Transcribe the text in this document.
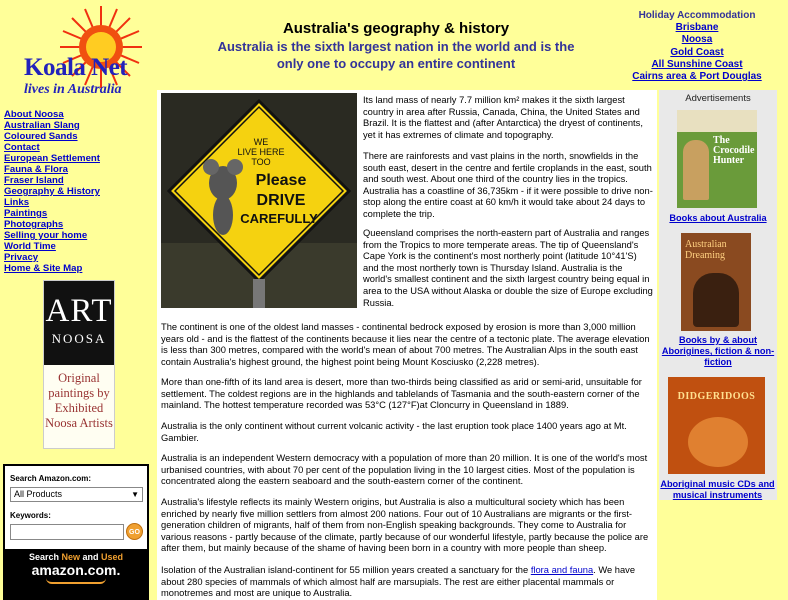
Koala Net
lives in Australia
Australia's geography & history
Australia is the sixth largest nation in the world and is the only one to occupy an entire continent
Holiday Accommodation
Brisbane
Noosa
Gold Coast
All Sunshine Coast
Cairns area & Port Douglas
About Noosa
Australian Slang
Coloured Sands
Contact
European Settlement
Fauna & Flora
Fraser Island
Geography & History
Links
Paintings
Photographs
Selling your home
World Time
Privacy
Home & Site Map
ART
NOOSA
Original paintings by Exhibited Noosa Artists
Search Amazon.com:
All Products	▼
Keywords:
GO
Search New and Used
amazon.com.
WE
LIVE HERE
TOO
Please
DRIVE
CAREFULLY

Its land mass of nearly 7.7 million km² makes it the sixth largest country in area after Russia, Canada, China, the United States and Brazil. It is the flattest and (after Antarctica) the dryest of continents, yet it has extremes of climate and topography.

There are rainforests and vast plains in the north, snowfields in the south east, desert in the centre and fertile croplands in the east, south and south west. About one third of the country lies in the tropics. Australia has a coastline of 36,735km - if it were possible to drive non-stop along the entire coast at 60 km/h it would take about 24 days to complete the trip.

Queensland comprises the north-eastern part of Australia and ranges from the Tropics to more temperate areas. The tip of Queensland's Cape York is the continent's most northerly point (latitude 10°41'S) and the most northerly town is Thursday Island. Australia is the world's smallest continent and the sixth largest country being equal in area to the USA without Alaska or double the size of Europe excluding Russia.

The continent is one of the oldest land masses - continental bedrock exposed by erosion is more than 3,000 million years old - and is the flattest of the continents because it lies near the centre of a tectonic plate. The average elevation is less than 300 metres, compared with the world's mean of about 700 metres. The Australian Alps in the south east contain Australia's highest ground, the highest point being Mount Kosciusko (2,228 metres).

More than one-fifth of its land area is desert, more than two-thirds being classified as arid or semi-arid, unsuitable for settlement. The coldest regions are in the highlands and tablelands of Tasmania and the south-eastern corner of the mainland. The hottest temperature recorded was 53°C (127°F)at Cloncurry in Queensland in 1889.

Australia is the only continent without current volcanic activity - the last eruption took place 1400 years ago at Mt. Gambier.

Australia is an independent Western democracy with a population of more than 20 million. It is one of the world's most urbanised countries, with about 70 per cent of the population living in the 10 largest cities. Most of the population is concentrated along the eastern seaboard and the south-eastern corner of the continent.

Australia's lifestyle reflects its mainly Western origins, but Australia is also a multicultural society which has been enriched by nearly five million settlers from almost 200 nations. Four out of 10 Australians are migrants or the first-generation children of migrants, half of them from non-English speaking backgrounds. They come to Australia for various reasons - partly because of the climate, partly because of our wonderful lifestyle, partly because the police are after them, but mainly because of the shame of having been born in a country with more people than sheep.

Isolation of the Australian island-continent for 55 million years created a sanctuary for the flora and fauna. We have about 280 species of mammals of which almost half are marsupials. The rest are either placental mammals or monotremes and most are unique to Australia.

Advertisements
The Crocodile Hunter
Books about Australia
Australian Dreaming
Books by & about Aborigines, fiction & non-fiction
DIDGERIDOOS
Aboriginal music CDs and musical instruments
